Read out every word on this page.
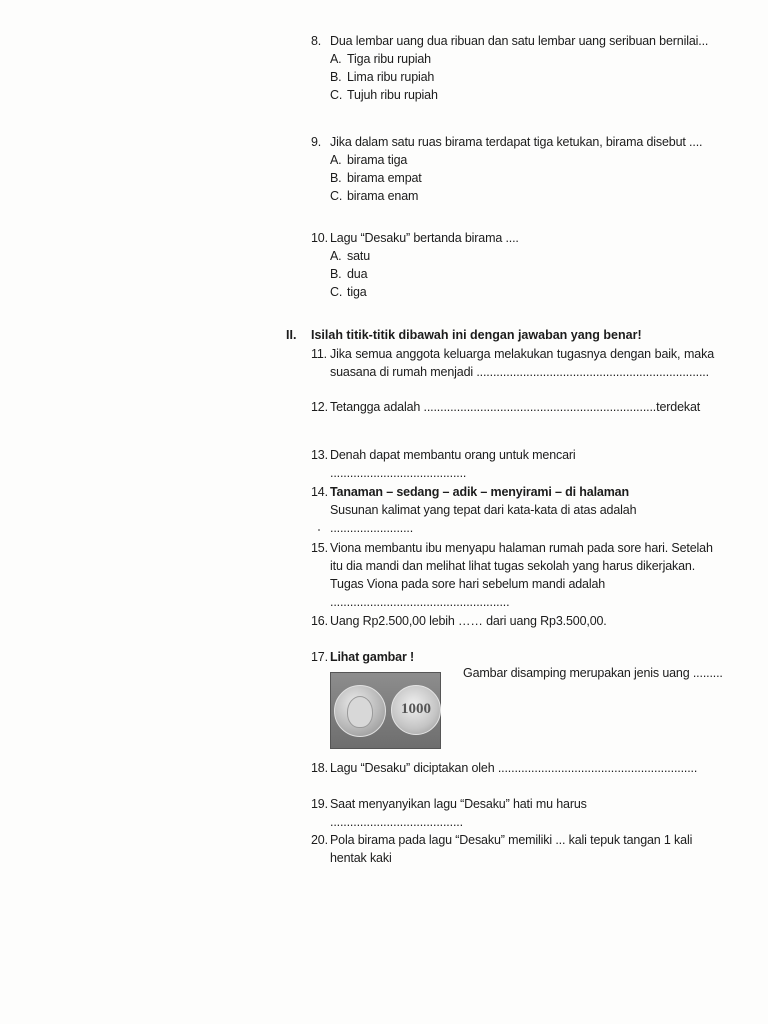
8. Dua lembar uang dua ribuan dan satu lembar uang seribuan bernilai...
A. Tiga ribu rupiah
B. Lima ribu rupiah
C. Tujuh ribu rupiah
9. Jika dalam satu ruas birama terdapat tiga ketukan, birama disebut ....
A. birama tiga
B. birama empat
C. birama enam
10. Lagu “Desaku” bertanda birama ....
A. satu
B. dua
C. tiga
II. Isilah titik-titik dibawah ini dengan jawaban yang benar!
11. Jika semua anggota keluarga melakukan tugasnya dengan baik, maka suasana di rumah menjadi ......................................................................
12. Tetangga adalah ......................................................................terdekat
13. Denah dapat membantu orang untuk mencari .........................................
14. Tanaman – sedang – adik – menyirami – di halaman
Susunan kalimat yang tepat dari kata-kata di atas adalah .........................
15. Viona membantu ibu menyapu halaman rumah pada sore hari. Setelah itu dia mandi dan melihat lihat tugas sekolah yang harus dikerjakan. Tugas Viona pada sore hari sebelum mandi adalah ......................................................
16. Uang Rp2.500,00 lebih …… dari uang Rp3.500,00.
17. Lihat gambar !
1000
Gambar disamping merupakan jenis uang .........
18. Lagu “Desaku” diciptakan oleh ............................................................
19. Saat menyanyikan lagu “Desaku” hati mu harus ........................................
20. Pola birama pada lagu “Desaku” memiliki ... kali tepuk tangan 1 kali hentak kaki
